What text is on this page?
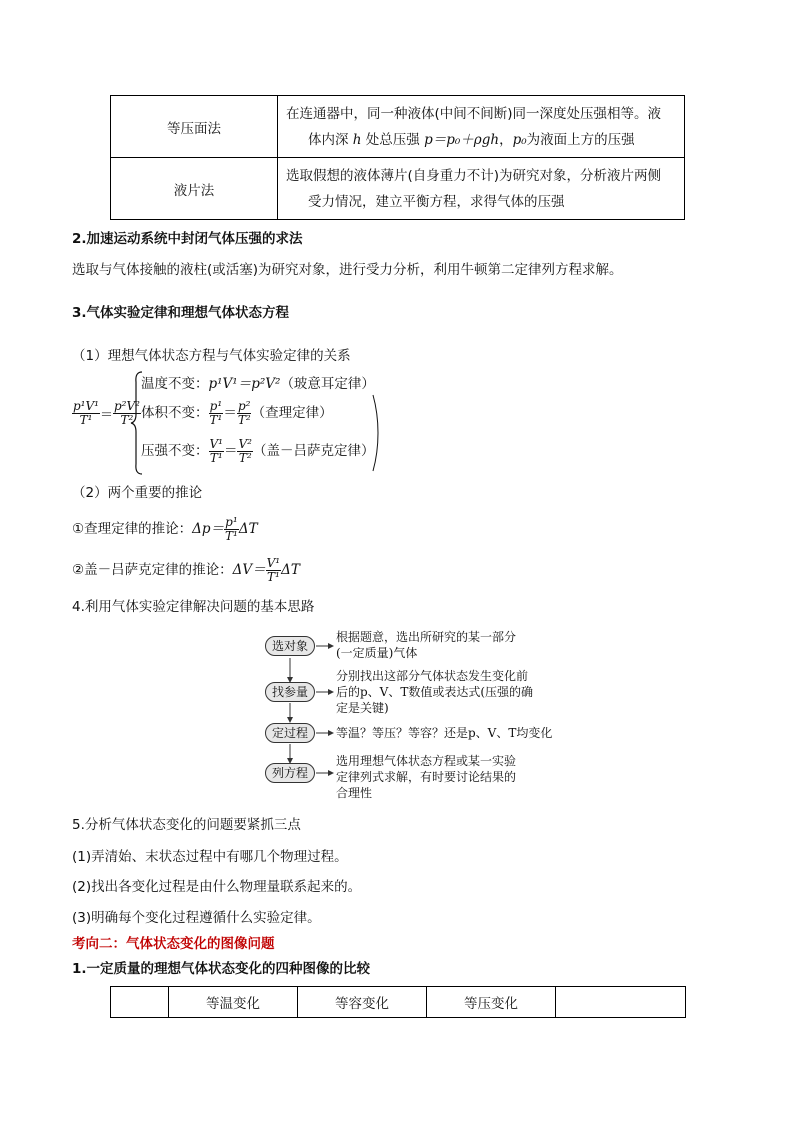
等压面法	在连通器中，同一种液体(中间不间断)同一深度处压强相等。液
体内深 h 处总压强 p＝p₀＋ρgh，p₀为液面上方的压强

液片法	选取假想的液体薄片(自身重力不计)为研究对象，分析液片两侧
受力情况，建立平衡方程，求得气体的压强
2.加速运动系统中封闭气体压强的求法
选取与气体接触的液柱(或活塞)为研究对象，进行受力分析，利用牛顿第二定律列方程求解。
3.气体实验定律和理想气体状态方程
（1）理想气体状态方程与气体实验定律的关系
$\frac{\text{p¹V¹}}{\text{T¹}} = \frac{\text{p²V²}}{\text{T²}}$
温度不变：p¹V¹＝p²V²（玻意耳定律）
体积不变： $\frac{\text{p¹}}{\text{T¹}} = \frac{\text{p²}}{\text{T²}}$ （查理定律）
压强不变： $\frac{\text{V¹}}{\text{T¹}} = \frac{\text{V²}}{\text{T²}}$ （盖－吕萨克定律）
（2）两个重要的推论
①查理定律的推论：$\Delta p= \frac{\text{p¹}}{\text{T¹}}$ ΔT
②盖－吕萨克定律的推论：$\Delta V= \frac{\text{V¹}}{\text{T¹}}$ ΔT
4.利用气体实验定律解决问题的基本思路
选对象
找参量
定过程
列方程
根据题意，选出所研究的某一部分
(一定质量)气体
分别找出这部分气体状态发生变化前
后的p、V、T数值或表达式(压强的确
定是关键)
等温？等压？等容？还是p、V、T均变化
选用理想气体状态方程或某一实验
定律列式求解，有时要讨论结果的
合理性
5.分析气体状态变化的问题要紧抓三点
(1)弄清始、末状态过程中有哪几个物理过程。
(2)找出各变化过程是由什么物理量联系起来的。
(3)明确每个变化过程遵循什么实验定律。
考向二：气体状态变化的图像问题
1.一定质量的理想气体状态变化的四种图像的比较
	等温变化	等容变化	等压变化	
